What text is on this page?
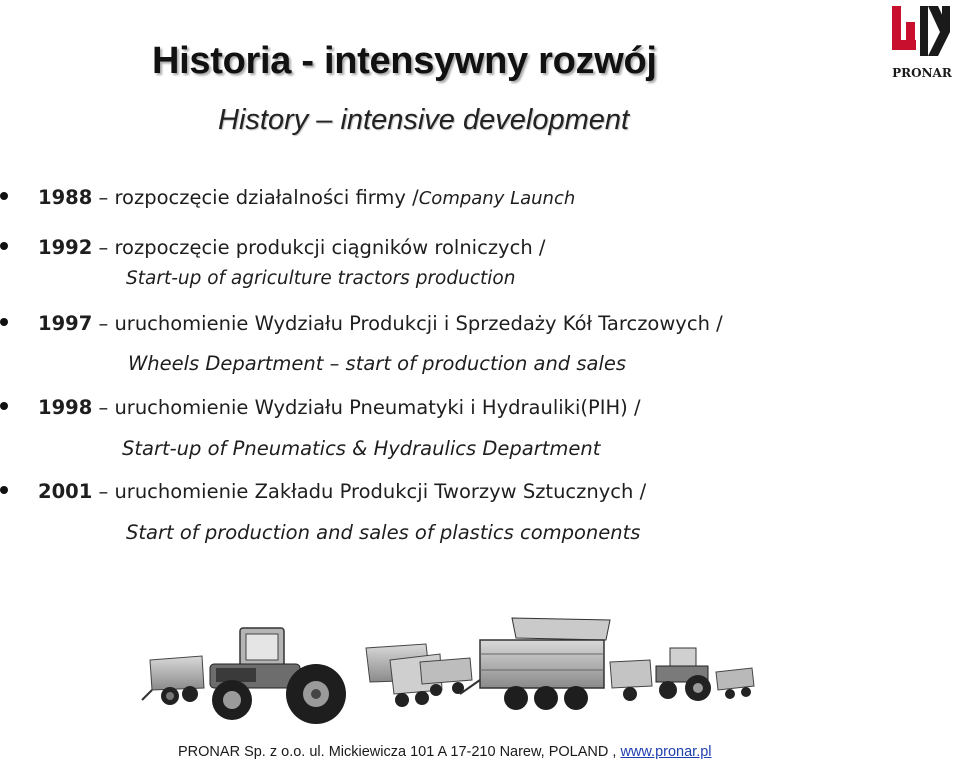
Historia - intensywny rozwój
History – intensive development
PRONAR
1988 – rozpoczęcie działalności firmy /Company Launch
1992 – rozpoczęcie produkcji ciągników rolniczych /
Start-up of agriculture tractors production
1997 – uruchomienie Wydziału Produkcji i Sprzedaży Kół Tarczowych /
Wheels Department – start of production and sales
1998 – uruchomienie Wydziału Pneumatyki i Hydrauliki(PIH) /
Start-up of Pneumatics & Hydraulics Department
2001 – uruchomienie Zakładu Produkcji Tworzyw Sztucznych /
Start of production and sales of plastics components
PRONAR Sp. z o.o. ul. Mickiewicza 101 A 17-210 Narew, POLAND , www.pronar.pl
